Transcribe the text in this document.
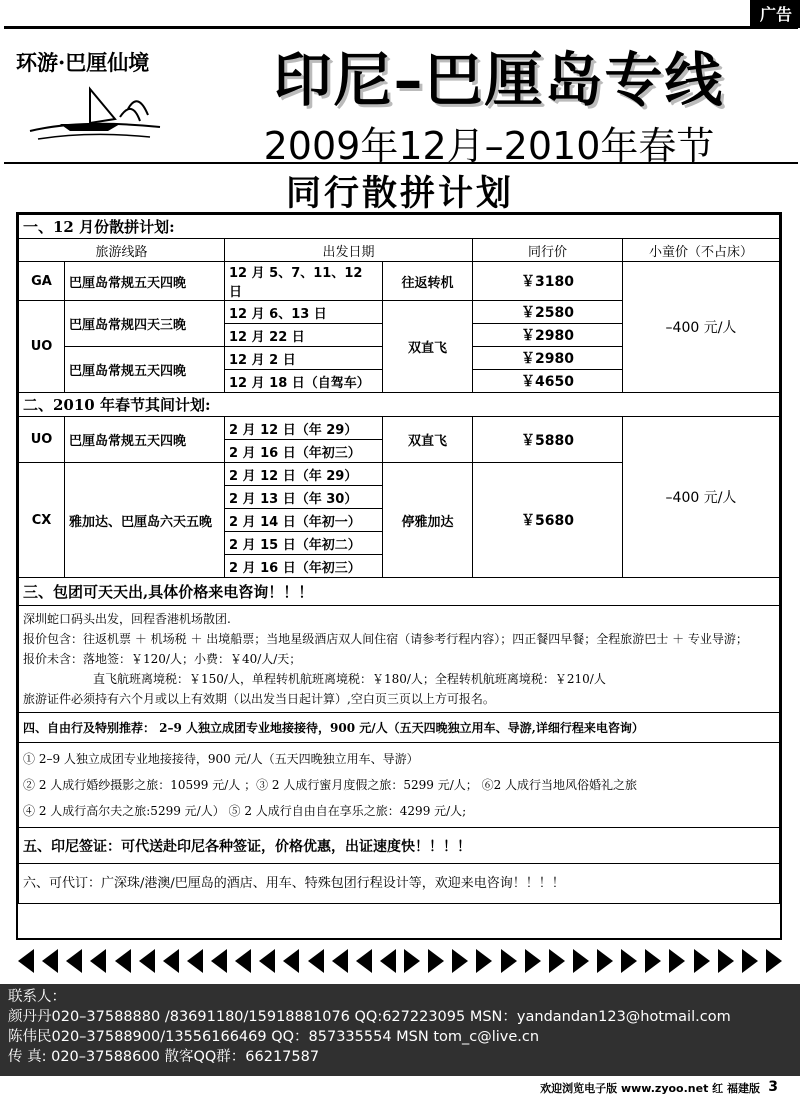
广告
环游·巴厘仙境	印尼–巴厘岛专线
2009年12月–2010年春节
同行散拼计划
一、12 月份散拼计划:					
旅游线路		出发日期		同行价	小童价（不占床）
GA	巴厘岛常规五天四晚	12 月 5、7、11、12 日	往返转机	￥3180	–400 元/人
UO	巴厘岛常规四天三晚	12 月 6、13 日	双直飞	￥2580	
		12 月 22 日		￥2980	
	巴厘岛常规五天四晚	12 月 2 日		￥2980	
		12 月 18 日（自驾车）		￥4650	
二、2010 年春节其间计划:					
UO	巴厘岛常规五天四晚	2 月 12 日（年 29）	双直飞	￥5880	–400 元/人
		2 月 16 日（年初三）			
CX	雅加达、巴厘岛六天五晚	2 月 12 日（年 29）	停雅加达	￥5680	
		2 月 13 日（年 30）			
		2 月 14 日（年初一）			
		2 月 15 日（年初二）			
		2 月 16 日（年初三）			
三、包团可天天出,具体价格来电咨询！！！					

深圳蛇口码头出发，回程香港机场散团.
报价包含：往返机票 ＋ 机场税 ＋ 出境船票；当地星级酒店双人间住宿（请参考行程内容）；四正餐四早餐；全程旅游巴士 ＋ 专业导游；
报价未含：落地签：￥120/人；小费：￥40/人/天；
直飞航班离境税：￥150/人，单程转机航班离境税：￥180/人；全程转机航班离境税：￥210/人
旅游证件必须持有六个月或以上有效期（以出发当日起计算）,空白页三页以上方可报名。					

四、自由行及特别推荐： 2–9 人独立成团专业地接接待，900 元/人（五天四晚独立用车、导游,详细行程来电咨询）					

① 2–9 人独立成团专业地接接待，900 元/人（五天四晚独立用车、导游）
② 2 人成行婚纱摄影之旅：10599 元/人 ；③ 2 人成行蜜月度假之旅：5299 元/人； ⑥2 人成行当地风俗婚礼之旅
④ 2 人成行高尔夫之旅:5299 元/人） ⑤ 2 人成行自由自在享乐之旅：4299 元/人;					

五、印尼签证：可代送赴印尼各种签证，价格优惠，出证速度快！！！！					
六、可代订：广深珠/港澳/巴厘岛的酒店、用车、特殊包团行程设计等，欢迎来电咨询！！！！					
联系人：
颜丹丹020–37588880 /83691180/15918881076 QQ:627223095 MSN：yandandan123@hotmail.com
陈伟民020–37588900/13556166469 QQ：857335554 MSN tom_c@live.cn
传 真: 020–37588600 散客QQ群：66217587
欢迎浏览电子版 www.zyoo.net 红 福建版 3
